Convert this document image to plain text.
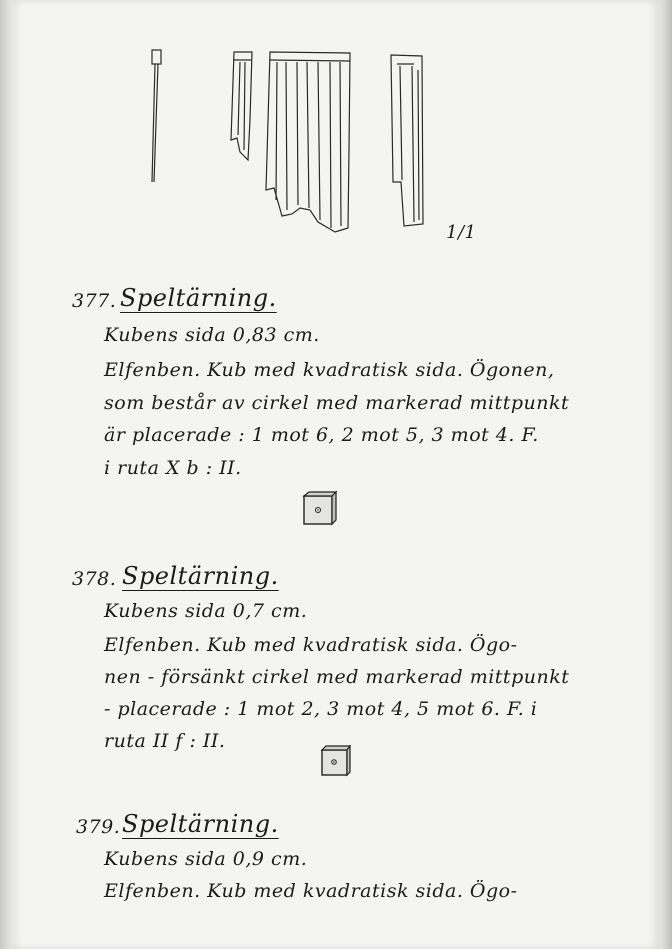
1/1
377. Speltärning.
Kubens sida 0,83 cm.
Elfenben. Kub med kvadratisk sida. Ögonen,
som består av cirkel med markerad mittpunkt
är placerade : 1 mot 6, 2 mot 5, 3 mot 4. F.
i ruta X b : II.
378. Speltärning.
Kubens sida 0,7 cm.
Elfenben. Kub med kvadratisk sida. Ögo-
nen - försänkt cirkel med markerad mittpunkt
- placerade : 1 mot 2, 3 mot 4, 5 mot 6. F. i
ruta II f : II.
379. Speltärning.
Kubens sida 0,9 cm.
Elfenben. Kub med kvadratisk sida. Ögo-
